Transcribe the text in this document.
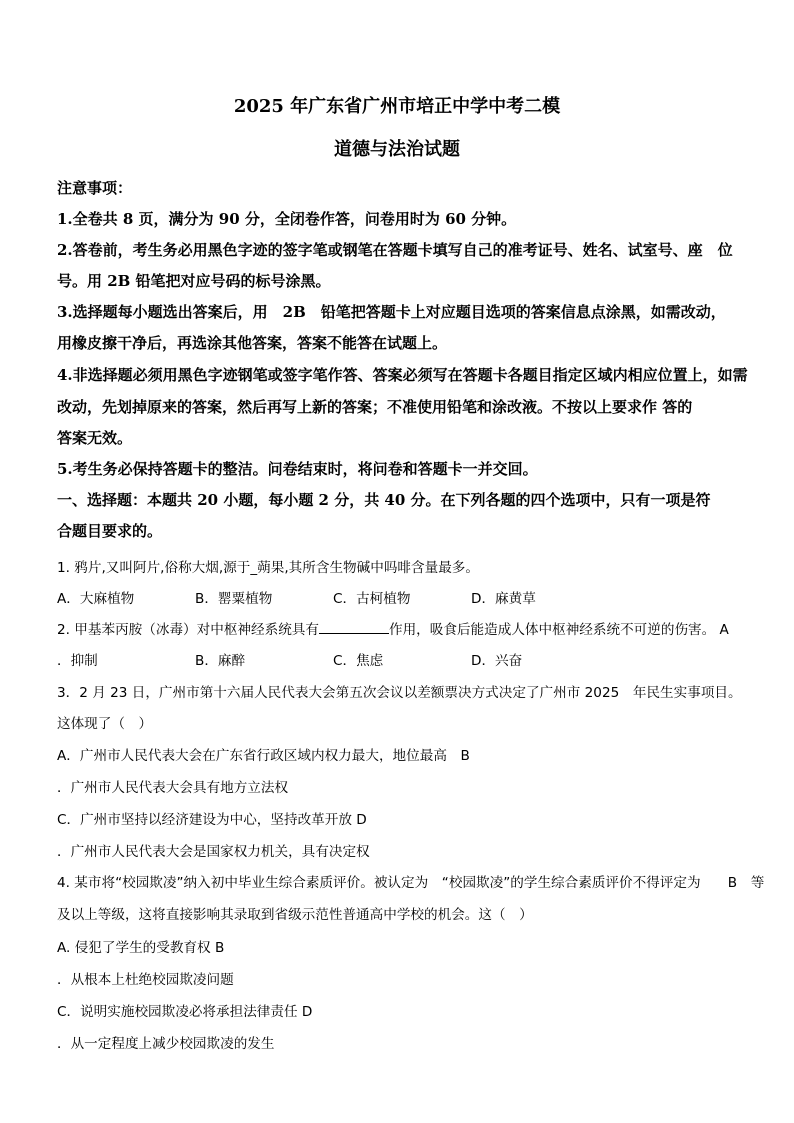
2025 年广东省广州市培正中学中考二模
道德与法治试题
注意事项：
1.全卷共 8 页，满分为 90 分，全闭卷作答，问卷用时为 60 分钟。
2.答卷前，考生务必用黑色字迹的签字笔或钢笔在答题卡填写自己的准考证号、姓名、试室号、座　位
号。用 2B 铅笔把对应号码的标号涂黑。
3.选择题每小题选出答案后，用　2B　铅笔把答题卡上对应题目选项的答案信息点涂黑，如需改动，
用橡皮擦干净后，再选涂其他答案，答案不能答在试题上。
4.非选择题必须用黑色字迹钢笔或签字笔作答、答案必须写在答题卡各题目指定区域内相应位置上，如需
改动，先划掉原来的答案，然后再写上新的答案；不准使用铅笔和涂改液。不按以上要求作 答的
答案无效。
5.考生务必保持答题卡的整洁。问卷结束时，将问卷和答题卡一并交回。
一、选择题：本题共 20 小题，每小题 2 分，共 40 分。在下列各题的四个选项中，只有一项是符
合题目要求的。
1. 鸦片,又叫阿片,俗称大烟,源于_蒴果,其所含生物碱中吗啡含量最多。
A．大麻植物	B．罂粟植物	C．古柯植物	D．麻黄草
2. 甲基苯丙胺（冰毒）对中枢神经系统具有	作用，吸食后能造成人体中枢神经系统不可逆的伤害。 A
．抑制	B．麻醉	C．焦虑	D．兴奋
3．2 月 23 日，广州市第十六届人民代表大会第五次会议以差额票决方式决定了广州市 2025　年民生实事项目。
这体现了（　）
A．广州市人民代表大会在广东省行政区域内权力最大，地位最高　B
．广州市人民代表大会具有地方立法权
C．广州市坚持以经济建设为中心，坚持改革开放 D
．广州市人民代表大会是国家权力机关，具有决定权
4. 某市将“校园欺凌”纳入初中毕业生综合素质评价。被认定为　“校园欺凌”的学生综合素质评价不得评定为　　B　等
及以上等级，这将直接影响其录取到省级示范性普通高中学校的机会。这（　）
A. 侵犯了学生的受教育权 B
．从根本上杜绝校园欺凌问题
C．说明实施校园欺凌必将承担法律责任 D
．从一定程度上减少校园欺凌的发生
